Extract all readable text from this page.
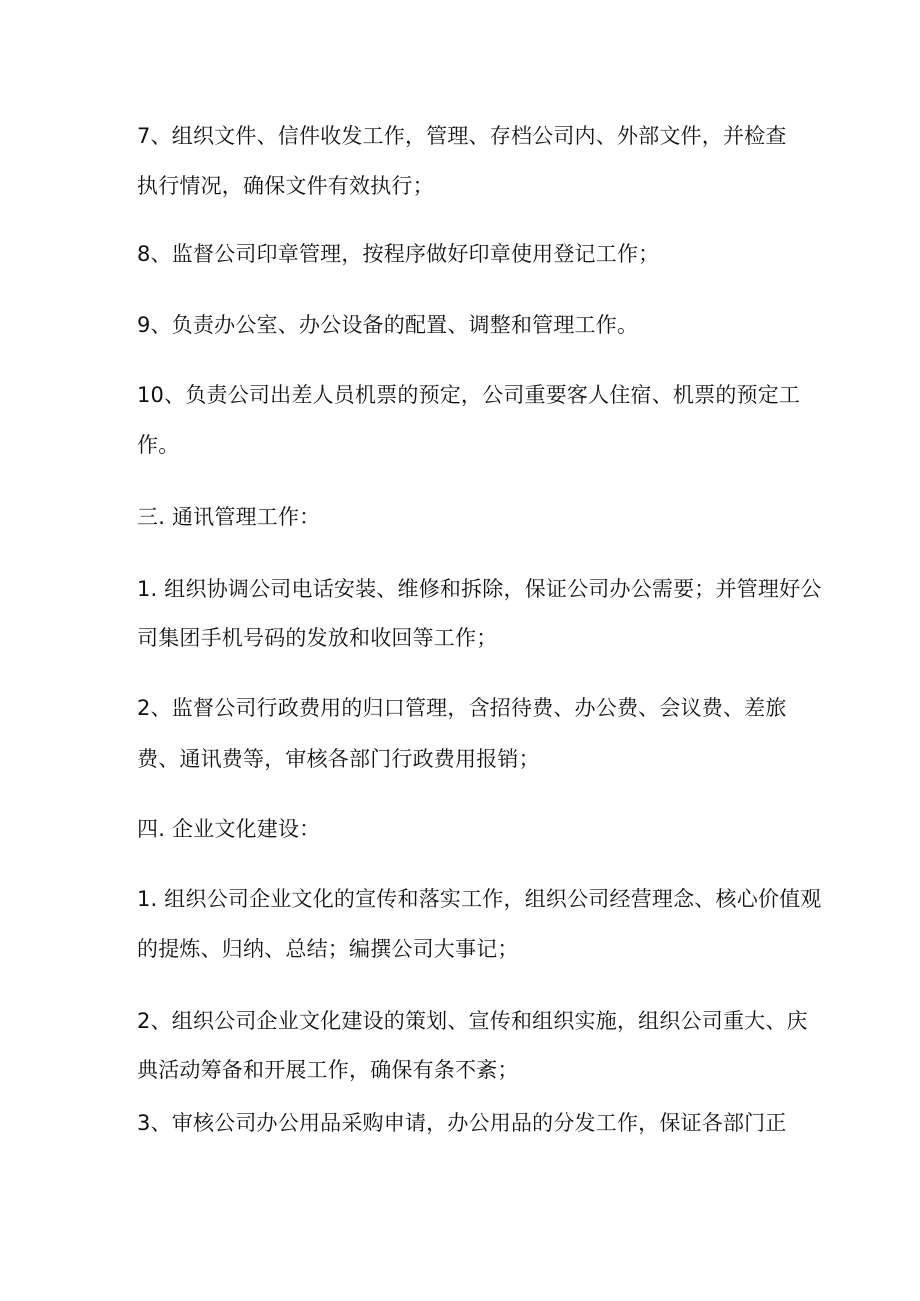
7、组织文件、信件收发工作，管理、存档公司内、外部文件，并检查
执行情况，确保文件有效执行；
8、监督公司印章管理，按程序做好印章使用登记工作；
9、负责办公室、办公设备的配置、调整和管理工作。
10、负责公司出差人员机票的预定，公司重要客人住宿、机票的预定工
作。
三. 通讯管理工作：
1. 组织协调公司电话安装、维修和拆除，保证公司办公需要；并管理好公
司集团手机号码的发放和收回等工作；
2、监督公司行政费用的归口管理，含招待费、办公费、会议费、差旅
费、通讯费等，审核各部门行政费用报销；
四. 企业文化建设：
1. 组织公司企业文化的宣传和落实工作，组织公司经营理念、核心价值观
的提炼、归纳、总结；编撰公司大事记；
2、组织公司企业文化建设的策划、宣传和组织实施，组织公司重大、庆
典活动筹备和开展工作，确保有条不紊；
3、审核公司办公用品采购申请，办公用品的分发工作，保证各部门正
